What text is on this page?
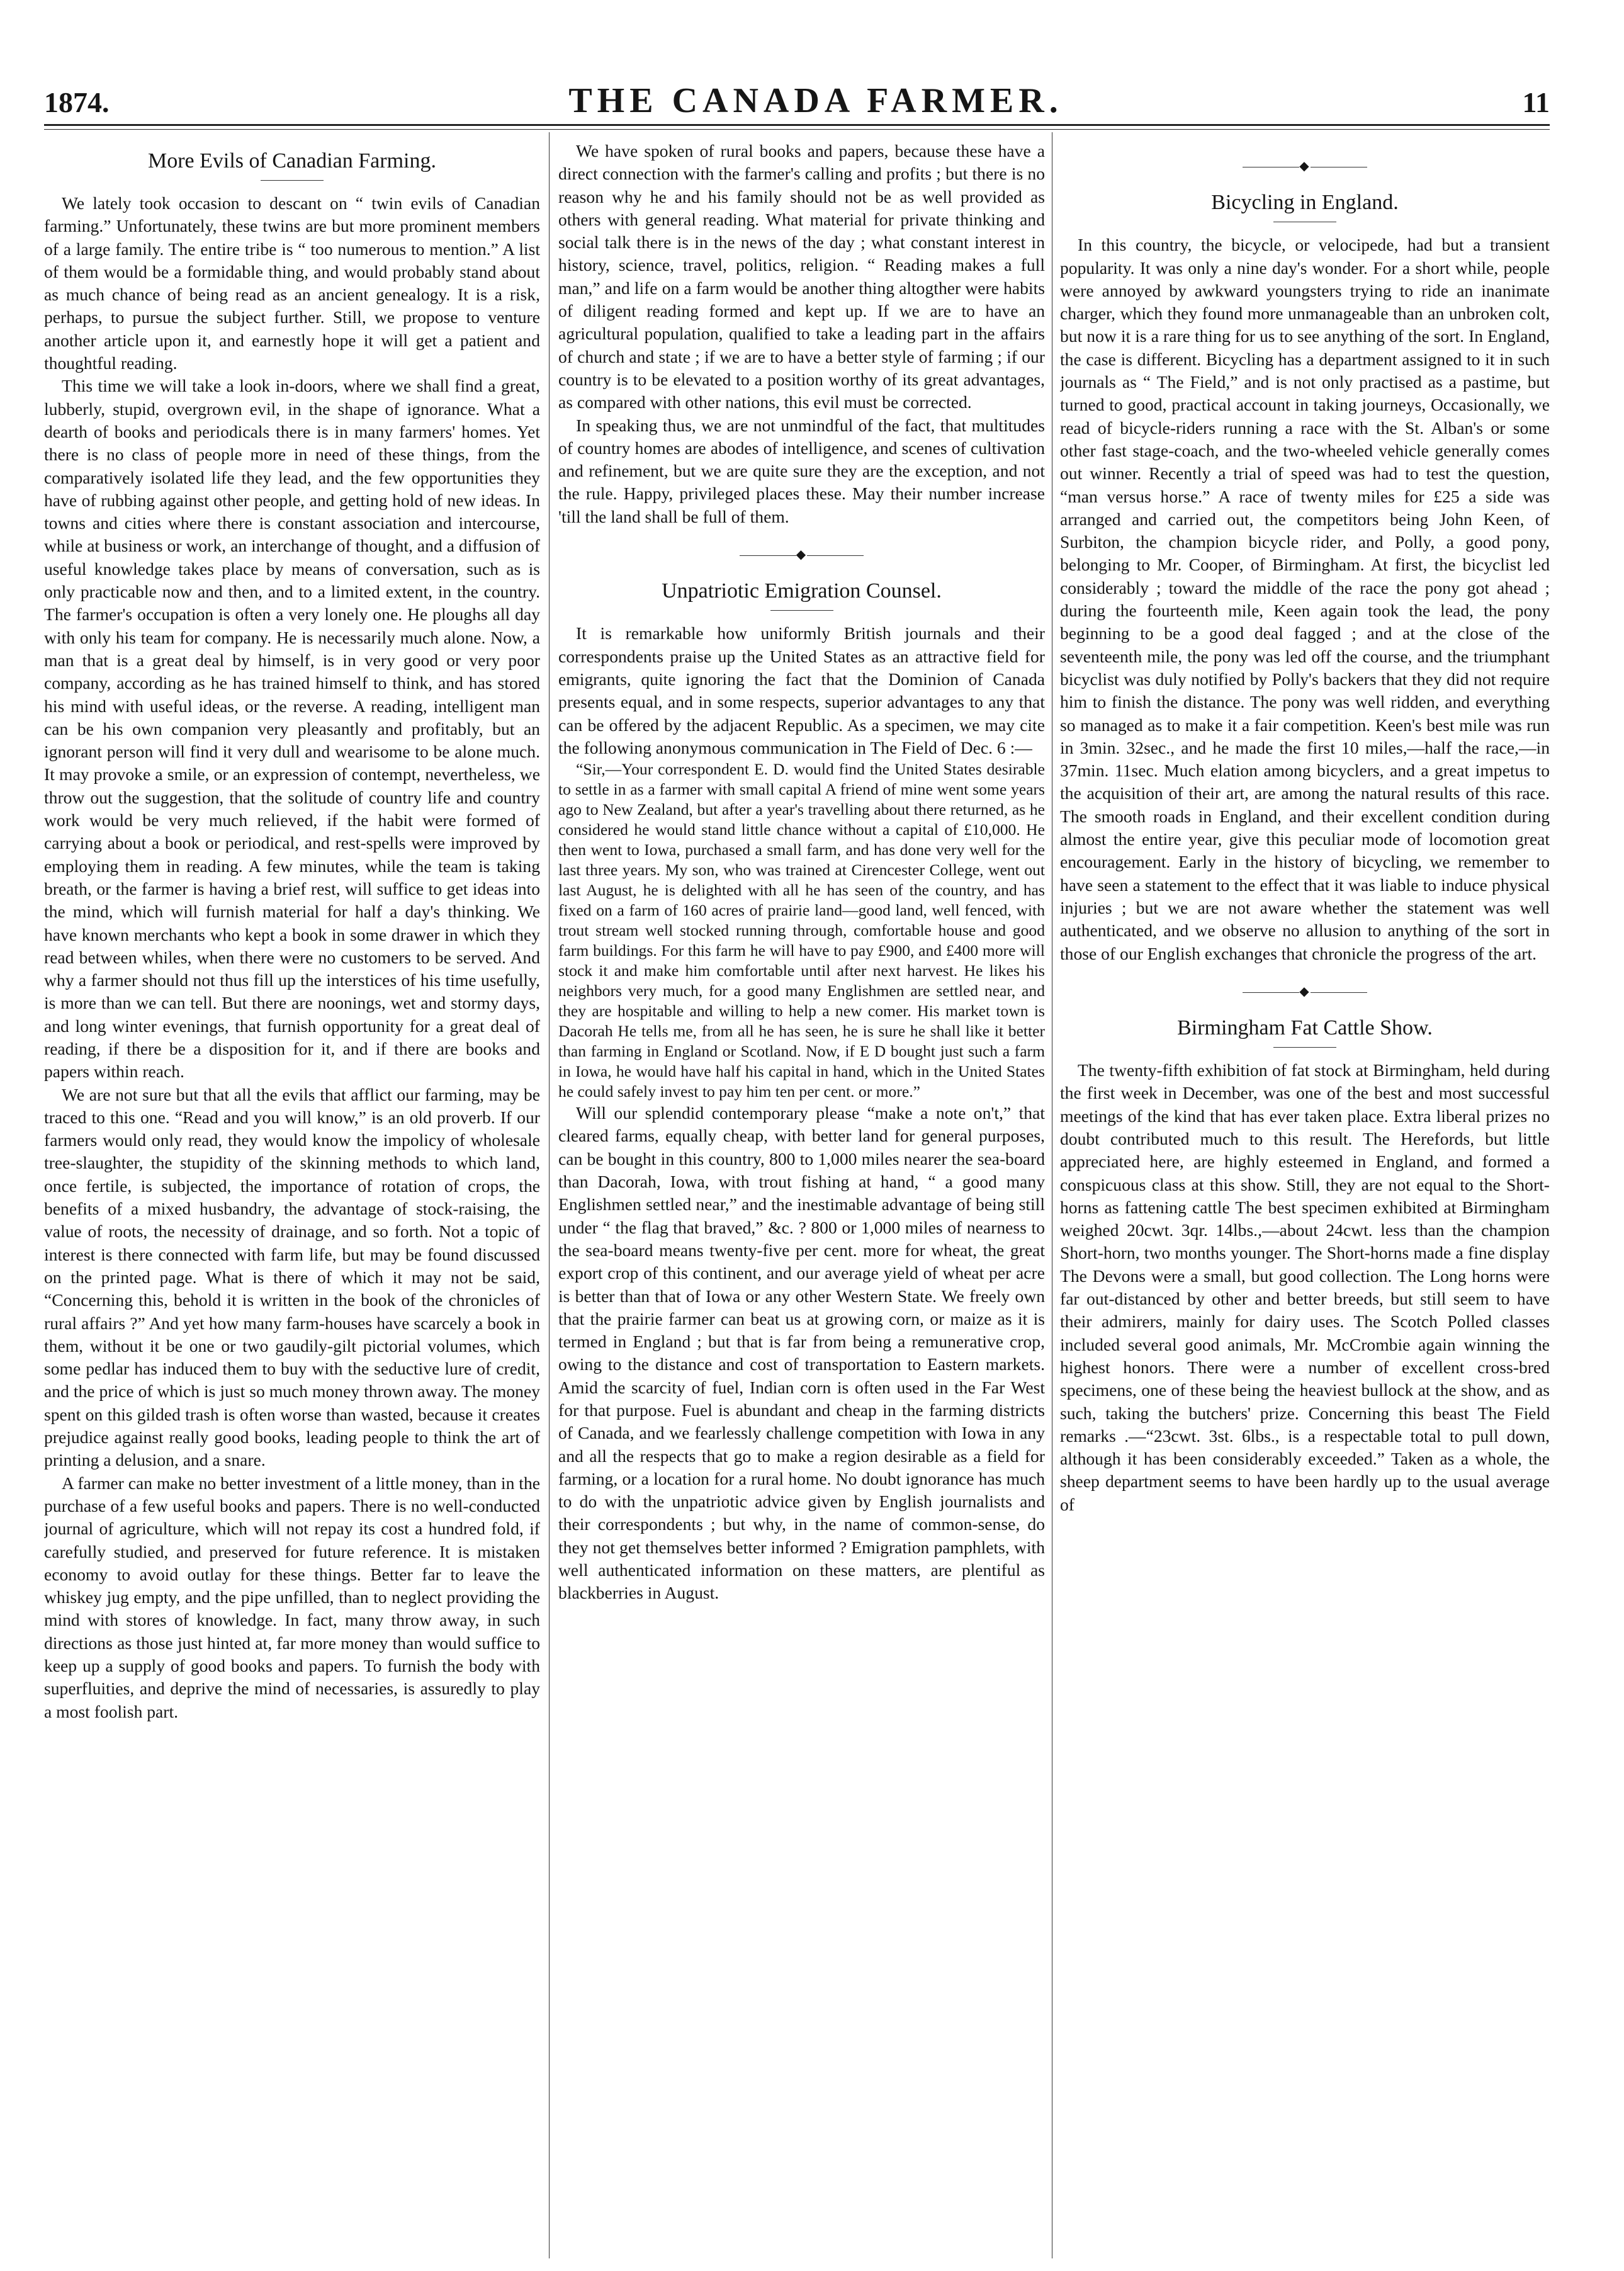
1874.	THE CANADA FARMER.	11
More Evils of Canadian Farming.

We lately took occasion to descant on “ twin evils of Canadian farming.” Unfortunately, these twins are but more prominent members of a large family. The entire tribe is “ too numerous to mention.” A list of them would be a formidable thing, and would probably stand about as much chance of being read as an ancient genealogy. It is a risk, perhaps, to pursue the subject further. Still, we propose to venture another article upon it, and earnestly hope it will get a patient and thoughtful reading.

This time we will take a look in-doors, where we shall find a great, lubberly, stupid, overgrown evil, in the shape of ignorance. What a dearth of books and periodicals there is in many farmers' homes. Yet there is no class of people more in need of these things, from the comparatively isolated life they lead, and the few opportunities they have of rubbing against other people, and getting hold of new ideas. In towns and cities where there is constant association and intercourse, while at business or work, an interchange of thought, and a diffusion of useful knowledge takes place by means of conversation, such as is only practicable now and then, and to a limited extent, in the country. The farmer's occupation is often a very lonely one. He ploughs all day with only his team for company. He is necessarily much alone. Now, a man that is a great deal by himself, is in very good or very poor company, according as he has trained himself to think, and has stored his mind with useful ideas, or the reverse. A reading, intelligent man can be his own companion very pleasantly and profitably, but an ignorant person will find it very dull and wearisome to be alone much. It may provoke a smile, or an expression of contempt, nevertheless, we throw out the suggestion, that the solitude of country life and country work would be very much relieved, if the habit were formed of carrying about a book or periodical, and rest-spells were improved by employing them in reading. A few minutes, while the team is taking breath, or the farmer is having a brief rest, will suffice to get ideas into the mind, which will furnish material for half a day's thinking. We have known merchants who kept a book in some drawer in which they read between whiles, when there were no customers to be served. And why a farmer should not thus fill up the interstices of his time usefully, is more than we can tell. But there are noonings, wet and stormy days, and long winter evenings, that furnish opportunity for a great deal of reading, if there be a disposition for it, and if there are books and papers within reach.

We are not sure but that all the evils that afflict our farming, may be traced to this one. “Read and you will know,” is an old proverb. If our farmers would only read, they would know the impolicy of wholesale tree-slaughter, the stupidity of the skinning methods to which land, once fertile, is subjected, the importance of rotation of crops, the benefits of a mixed husbandry, the advantage of stock-raising, the value of roots, the necessity of drainage, and so forth. Not a topic of interest is there connected with farm life, but may be found discussed on the printed page. What is there of which it may not be said, “Concerning this, behold it is written in the book of the chronicles of rural affairs ?” And yet how many farm-houses have scarcely a book in them, without it be one or two gaudily-gilt pictorial volumes, which some pedlar has induced them to buy with the seductive lure of credit, and the price of which is just so much money thrown away. The money spent on this gilded trash is often worse than wasted, because it creates prejudice against really good books, leading people to think the art of printing a delusion, and a snare.

A farmer can make no better investment of a little money, than in the purchase of a few useful books and papers. There is no well-conducted journal of agriculture, which will not repay its cost a hundred fold, if carefully studied, and preserved for future reference. It is mistaken economy to avoid outlay for these things. Better far to leave the whiskey jug empty, and the pipe unfilled, than to neglect providing the mind with stores of knowledge. In fact, many throw away, in such directions as those just hinted at, far more money than would suffice to keep up a supply of good books and papers. To furnish the body with superfluities, and deprive the mind of necessaries, is assuredly to play a most foolish part.

We have spoken of rural books and papers, because these have a direct connection with the farmer's calling and profits ; but there is no reason why he and his family should not be as well provided as others with general reading. What material for private thinking and social talk there is in the news of the day ; what constant interest in history, science, travel, politics, religion. “ Reading makes a full man,” and life on a farm would be another thing altogther were habits of diligent reading formed and kept up. If we are to have an agricultural population, qualified to take a leading part in the affairs of church and state ; if we are to have a better style of farming ; if our country is to be elevated to a position worthy of its great advantages, as compared with other nations, this evil must be corrected.

In speaking thus, we are not unmindful of the fact, that multitudes of country homes are abodes of intelligence, and scenes of cultivation and refinement, but we are quite sure they are the exception, and not the rule. Happy, privileged places these. May their number increase 'till the land shall be full of them.

◆
Unpatriotic Emigration Counsel.

It is remarkable how uniformly British journals and their correspondents praise up the United States as an attractive field for emigrants, quite ignoring the fact that the Dominion of Canada presents equal, and in some respects, superior advantages to any that can be offered by the adjacent Republic. As a specimen, we may cite the following anonymous communication in The Field of Dec. 6 :—

“Sir,—Your correspondent E. D. would find the United States desirable to settle in as a farmer with small capital A friend of mine went some years ago to New Zealand, but after a year's travelling about there returned, as he considered he would stand little chance without a capital of £10,000. He then went to Iowa, purchased a small farm, and has done very well for the last three years. My son, who was trained at Cirencester College, went out last August, he is delighted with all he has seen of the country, and has fixed on a farm of 160 acres of prairie land—good land, well fenced, with trout stream well stocked running through, comfortable house and good farm buildings. For this farm he will have to pay £900, and £400 more will stock it and make him comfortable until after next harvest. He likes his neighbors very much, for a good many Englishmen are settled near, and they are hospitable and willing to help a new comer. His market town is Dacorah He tells me, from all he has seen, he is sure he shall like it better than farming in England or Scotland. Now, if E D bought just such a farm in Iowa, he would have half his capital in hand, which in the United States he could safely invest to pay him ten per cent. or more.”

Will our splendid contemporary please “make a note on't,” that cleared farms, equally cheap, with better land for general purposes, can be bought in this country, 800 to 1,000 miles nearer the sea-board than Dacorah, Iowa, with trout fishing at hand, “ a good many Englishmen settled near,” and the inestimable advantage of being still under “ the flag that braved,” &c. ? 800 or 1,000 miles of nearness to the sea-board means twenty-five per cent. more for wheat, the great export crop of this continent, and our average yield of wheat per acre is better than that of Iowa or any other Western State. We freely own that the prairie farmer can beat us at growing corn, or maize as it is termed in England ; but that is far from being a remunerative crop, owing to the distance and cost of transportation to Eastern markets. Amid the scarcity of fuel, Indian corn is often used in the Far West for that purpose. Fuel is abundant and cheap in the farming districts of Canada, and we fearlessly challenge competition with Iowa in any and all the respects that go to make a region desirable as a field for farming, or a location for a rural home. No doubt ignorance has much to do with the unpatriotic advice given by English journalists and their correspondents ; but why, in the name of common-sense, do they not get themselves better informed ? Emigration pamphlets, with well authenticated information on these matters, are plentiful as blackberries in August.

◆
Bicycling in England.

In this country, the bicycle, or velocipede, had but a transient popularity. It was only a nine day's wonder. For a short while, people were annoyed by awkward youngsters trying to ride an inanimate charger, which they found more unmanageable than an unbroken colt, but now it is a rare thing for us to see anything of the sort. In England, the case is different. Bicycling has a department assigned to it in such journals as “ The Field,” and is not only practised as a pastime, but turned to good, practical account in taking journeys, Occasionally, we read of bicycle-riders running a race with the St. Alban's or some other fast stage-coach, and the two-wheeled vehicle generally comes out winner. Recently a trial of speed was had to test the question, “man versus horse.” A race of twenty miles for £25 a side was arranged and carried out, the competitors being John Keen, of Surbiton, the champion bicycle rider, and Polly, a good pony, belonging to Mr. Cooper, of Birmingham. At first, the bicyclist led considerably ; toward the middle of the race the pony got ahead ; during the fourteenth mile, Keen again took the lead, the pony beginning to be a good deal fagged ; and at the close of the seventeenth mile, the pony was led off the course, and the triumphant bicyclist was duly notified by Polly's backers that they did not require him to finish the distance. The pony was well ridden, and everything so managed as to make it a fair competition. Keen's best mile was run in 3min. 32sec., and he made the first 10 miles,—half the race,—in 37min. 11sec. Much elation among bicyclers, and a great impetus to the acquisition of their art, are among the natural results of this race. The smooth roads in England, and their excellent condition during almost the entire year, give this peculiar mode of locomotion great encouragement. Early in the history of bicycling, we remember to have seen a statement to the effect that it was liable to induce physical injuries ; but we are not aware whether the statement was well authenticated, and we observe no allusion to anything of the sort in those of our English exchanges that chronicle the progress of the art.

◆
Birmingham Fat Cattle Show.

The twenty-fifth exhibition of fat stock at Birmingham, held during the first week in December, was one of the best and most successful meetings of the kind that has ever taken place. Extra liberal prizes no doubt contributed much to this result. The Herefords, but little appreciated here, are highly esteemed in England, and formed a conspicuous class at this show. Still, they are not equal to the Short-horns as fattening cattle The best specimen exhibited at Birmingham weighed 20cwt. 3qr. 14lbs.,—about 24cwt. less than the champion Short-horn, two months younger. The Short-horns made a fine display The Devons were a small, but good collection. The Long horns were far out-distanced by other and better breeds, but still seem to have their admirers, mainly for dairy uses. The Scotch Polled classes included several good animals, Mr. McCrombie again winning the highest honors. There were a number of excellent cross-bred specimens, one of these being the heaviest bullock at the show, and as such, taking the butchers' prize. Concerning this beast The Field remarks .—“23cwt. 3st. 6lbs., is a respectable total to pull down, although it has been considerably exceeded.” Taken as a whole, the sheep department seems to have been hardly up to the usual average of
